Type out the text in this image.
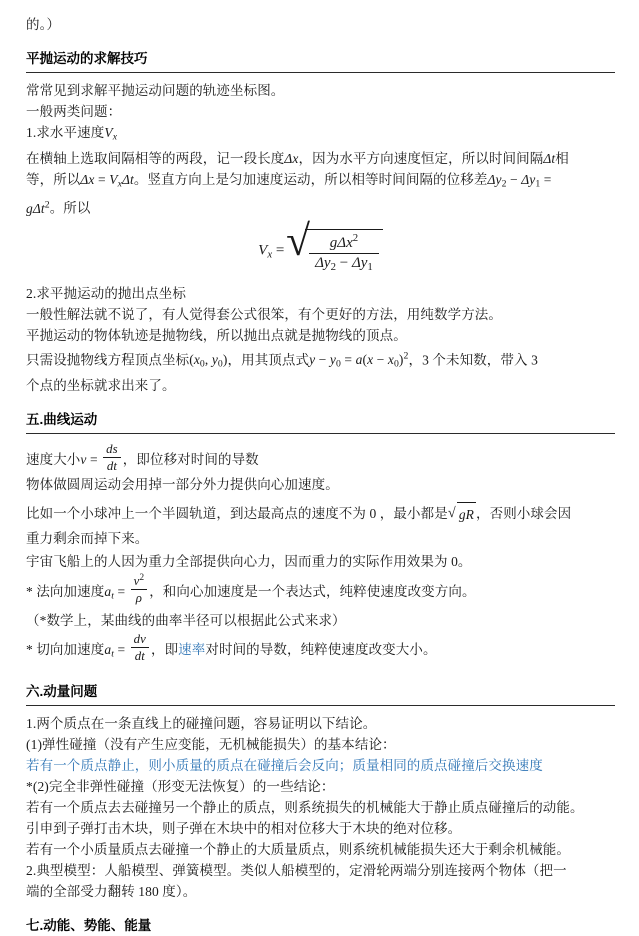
的。）

平抛运动的求解技巧

常常见到求解平抛运动问题的轨迹坐标图。

一般两类问题：

1.求水平速度$V_x$

在横轴上选取间隔相等的两段，记一段长度Δx，因为水平方向速度恒定，所以时间间隔Δt相

等，所以$\Delta x = V_x\Delta t$。竖直方向上是匀加速度运动，所以相等时间间隔的位移差$\Delta y_2 - \Delta y_1$ =

gΔt$^2$。所以

$V_x$ = √ $\frac{g\Delta x^2}{\Delta y_2 - \Delta y_1}$

2.求平抛运动的抛出点坐标

一般性解法就不说了，有人觉得套公式很笨，有个更好的方法，用纯数学方法。

平抛运动的物体轨迹是抛物线，所以抛出点就是抛物线的顶点。

只需设抛物线方程顶点坐标($x_0$, $y_0$)，用其顶点式$y - y_0 = a(x - x_0)^2$，3 个未知数，带入 3

个点的坐标就求出来了。

五.曲线运动

速度大小$v = \frac{ds}{dt}$ ，即位移对时间的导数

物体做圆周运动会用掉一部分外力提供向心加速度。

比如一个小球冲上一个半圆轨道，到达最高点的速度不为 0 ，最小都是 √ gR ，否则小球会因

重力剩余而掉下来。

宇宙飞船上的人因为重力全部提供向心力，因而重力的实际作用效果为 0。

* 法向加速度$a_t = \frac{v^2}{\rho}$ ，和向心加速度是一个表达式，纯粹使速度改变方向。

（*数学上，某曲线的曲率半径可以根据此公式来求）

* 切向加速度$a_t = \frac{dv}{dt}$ ，即速率对时间的导数，纯粹使速度改变大小。

六.动量问题

1.两个质点在一条直线上的碰撞问题，容易证明以下结论。

(1)弹性碰撞（没有产生应变能，无机械能损失）的基本结论：

若有一个质点静止，则小质量的质点在碰撞后会反向；质量相同的质点碰撞后交换速度

*(2)完全非弹性碰撞（形变无法恢复）的一些结论：

若有一个质点去去碰撞另一个静止的质点，则系统损失的机械能大于静止质点碰撞后的动能。

引申到子弹打击木块，则子弹在木块中的相对位移大于木块的绝对位移。

若有一个小质量质点去碰撞一个静止的大质量质点，则系统机械能损失还大于剩余机械能。

2.典型模型：人船模型、弹簧模型。类似人船模型的，定滑轮两端分别连接两个物体（把一

端的全部受力翻转 180 度）。

七.动能、势能、能量
